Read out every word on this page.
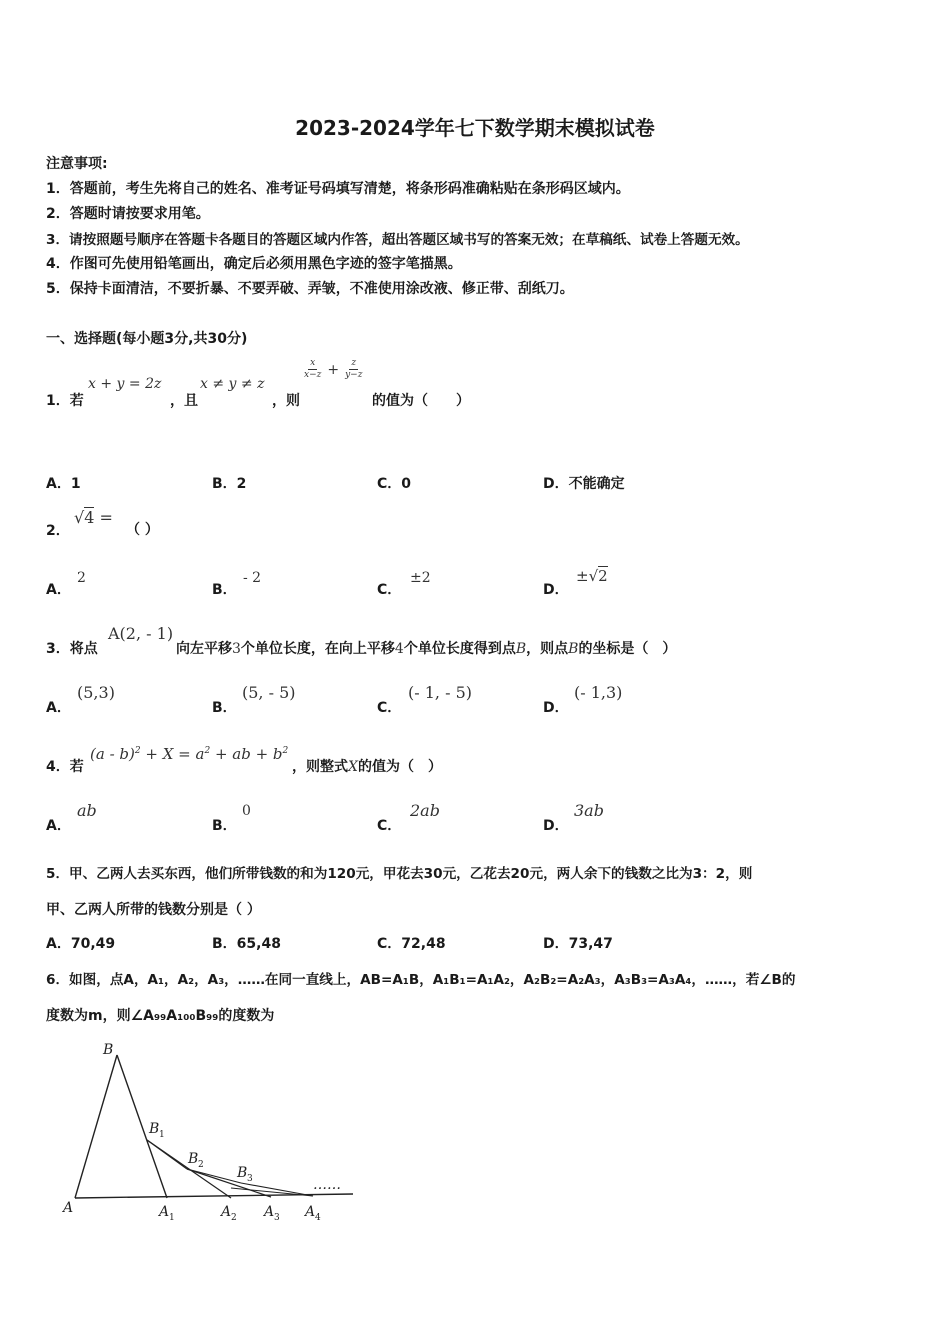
2023-2024学年七下数学期末模拟试卷
注意事项:
1．答题前，考生先将自己的姓名、准考证号码填写清楚，将条形码准确粘贴在条形码区域内。
2．答题时请按要求用笔。
3．请按照题号顺序在答题卡各题目的答题区域内作答，超出答题区域书写的答案无效；在草稿纸、试卷上答题无效。
4．作图可先使用铅笔画出，确定后必须用黑色字迹的签字笔描黑。
5．保持卡面清洁，不要折暴、不要弄破、弄皱，不准使用涂改液、修正带、刮纸刀。
一、选择题(每小题3分,共30分)
1．若
x + y = 2z
，且
x ≠ y ≠ z
，则
$\frac{x}{x-z} + \frac{z}{y-z}$
的值为（　　）
A．1	B．2	C．0	D．不能确定
2．
√4 =
（ ）
A．
2
B．
- 2
C．
±2
D．
±√2
3．将点
A(2, - 1)
向左平移3个单位长度，在向上平移4个单位长度得到点B，则点B的坐标是（　）
A．
(5,3)
B．
(5, - 5)
C．
(- 1, - 5)
D．
(- 1,3)
4．若
$(a - b)^2 + X = a^2$ + ab + $b^2$
，则整式X的值为（　）
A．
ab
B．
0
C．
2ab
D．
3ab
5．甲、乙两人去买东西，他们所带钱数的和为120元，甲花去30元，乙花去20元，两人余下的钱数之比为3：2，则
甲、乙两人所带的钱数分别是（ ）
A．70,49	B．65,48	C．72,48	D．73,47
6．如图，点A，A₁，A₂，A₃，……在同一直线上，AB=A₁B，A₁B₁=A₁A₂，A₂B₂=A₂A₃，A₃B₃=A₃A₄，……，若∠B的
度数为m，则∠A₉₉A₁₀₀B₉₉的度数为
B
B 1
B 2 B 3	……
A	A 1	A 2 A 3 A 4
